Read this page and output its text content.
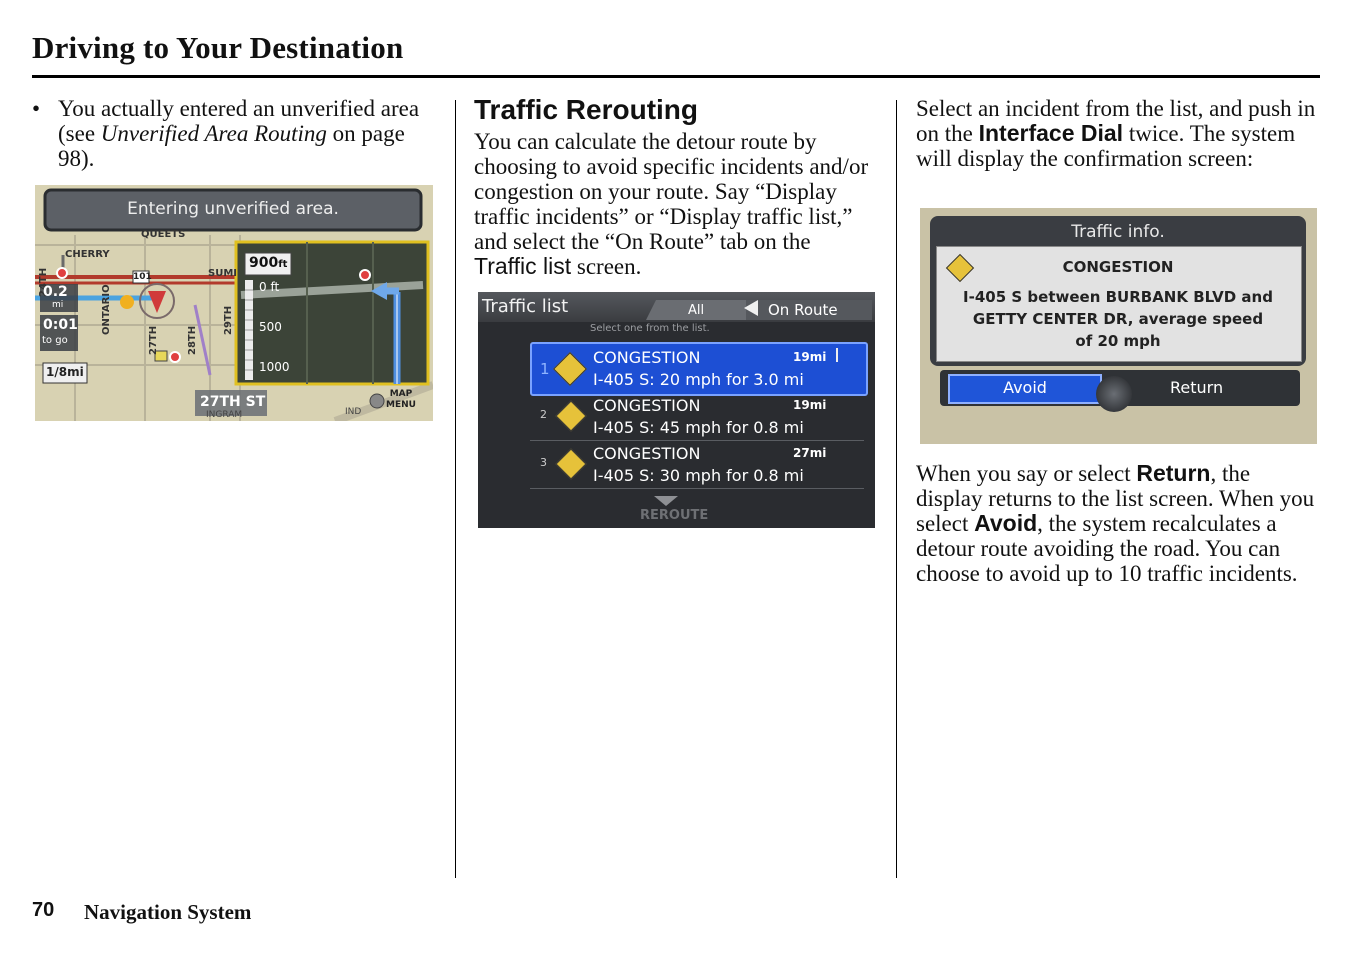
Driving to Your Destination
• You actually entered an unverified area (see Unverified Area Routing on page 98).
Entering unverified area.
QUEETS
CHERRY
SUMI
101
ONTARIO
27TH	28TH
29TH
24TH
0.2
mi
0:01
to go
1/8mi
900ft
0 ft
500
1000
27TH ST
INGRAM	IND
MAP
MENU
Traffic Rerouting
You can calculate the detour route by choosing to avoid specific incidents and/or congestion on your route. Say “Display traffic incidents” or “Display traffic list,” and select the “On Route” tab on the Traffic list screen.
Traffic list	All	On Route
Select one from the list.
1
CONGESTION	19mi
I-405 S: 20 mph for 3.0 mi
2	CONGESTION	19mi
I-405 S: 45 mph for 0.8 mi
3	CONGESTION	27mi
I-405 S: 30 mph for 0.8 mi
REROUTE
Select an incident from the list, and push in on the Interface Dial twice. The system will display the confirmation screen:
Traffic info.
CONGESTION
I-405 S between BURBANK BLVD and
GETTY CENTER DR, average speed
of 20 mph
Avoid	Return
When you say or select Return, the display returns to the list screen. When you select Avoid, the system recalculates a detour route avoiding the road. You can choose to avoid up to 10 traffic incidents.
70 Navigation System
